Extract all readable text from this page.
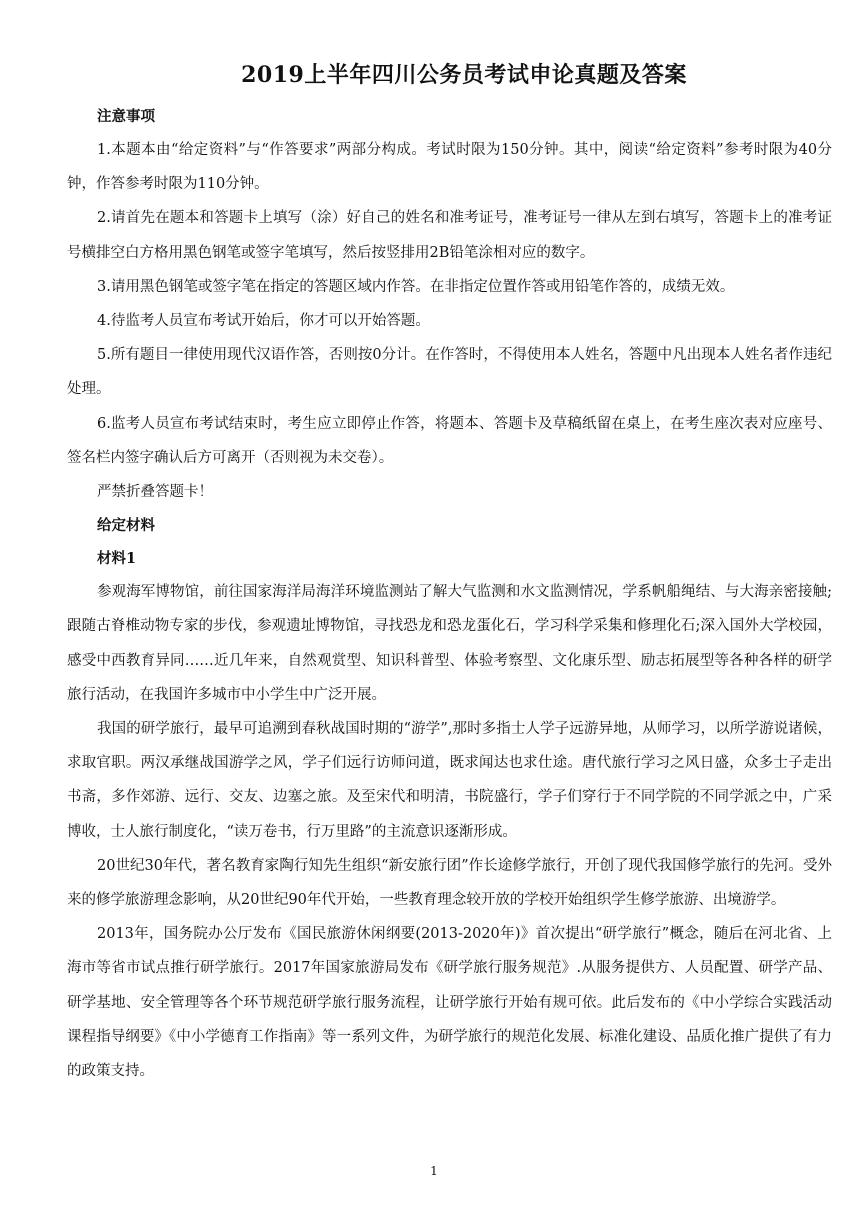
2019上半年四川公务员考试申论真题及答案

注意事项

1.本题本由“给定资料”与“作答要求”两部分构成。考试时限为150分钟。其中，阅读“给定资料”参考时限为40分钟，作答参考时限为110分钟。

2.请首先在题本和答题卡上填写（涂）好自己的姓名和准考证号，准考证号一律从左到右填写，答题卡上的准考证号横排空白方格用黑色钢笔或签字笔填写，然后按竖排用2B铅笔涂相对应的数字。

3.请用黑色钢笔或签字笔在指定的答题区域内作答。在非指定位置作答或用铅笔作答的，成绩无效。

4.待监考人员宣布考试开始后，你才可以开始答题。

5.所有题目一律使用现代汉语作答，否则按0分计。在作答时，不得使用本人姓名，答题中凡出现本人姓名者作违纪处理。

6.监考人员宣布考试结束时，考生应立即停止作答，将题本、答题卡及草稿纸留在桌上，在考生座次表对应座号、签名栏内签字确认后方可离开（否则视为未交卷）。

严禁折叠答题卡！

给定材料

材料1

参观海军博物馆，前往国家海洋局海洋环境监测站了解大气监测和水文监测情况，学系帆船绳结、与大海亲密接触;跟随古脊椎动物专家的步伐，参观遗址博物馆，寻找恐龙和恐龙蛋化石，学习科学采集和修理化石;深入国外大学校园，感受中西教育异同……近几年来，自然观赏型、知识科普型、体验考察型、文化康乐型、励志拓展型等各种各样的研学旅行活动，在我国许多城市中小学生中广泛开展。

我国的研学旅行，最早可追溯到春秋战国时期的“游学”,那时多指士人学子远游异地，从师学习，以所学游说诸候，求取官职。两汉承继战国游学之风，学子们远行访师问道，既求闻达也求仕途。唐代旅行学习之风日盛，众多士子走出书斋，多作郊游、远行、交友、边塞之旅。及至宋代和明清，书院盛行，学子们穿行于不同学院的不同学派之中，广采博收，士人旅行制度化，“读万卷书，行万里路”的主流意识逐渐形成。

20世纪30年代，著名教育家陶行知先生组织“新安旅行团”作长途修学旅行，开创了现代我国修学旅行的先河。受外来的修学旅游理念影响，从20世纪90年代开始，一些教育理念较开放的学校开始组织学生修学旅游、出境游学。

2013年，国务院办公厅发布《国民旅游休闲纲要(2013-2020年)》首次提出“研学旅行”概念，随后在河北省、上海市等省市试点推行研学旅行。2017年国家旅游局发布《研学旅行服务规范》.从服务提供方、人员配置、研学产品、研学基地、安全管理等各个环节规范研学旅行服务流程，让研学旅行开始有规可依。此后发布的《中小学综合实践活动课程指导纲要》《中小学德育工作指南》等一系列文件，为研学旅行的规范化发展、标准化建设、品质化推广提供了有力的政策支持。

1
